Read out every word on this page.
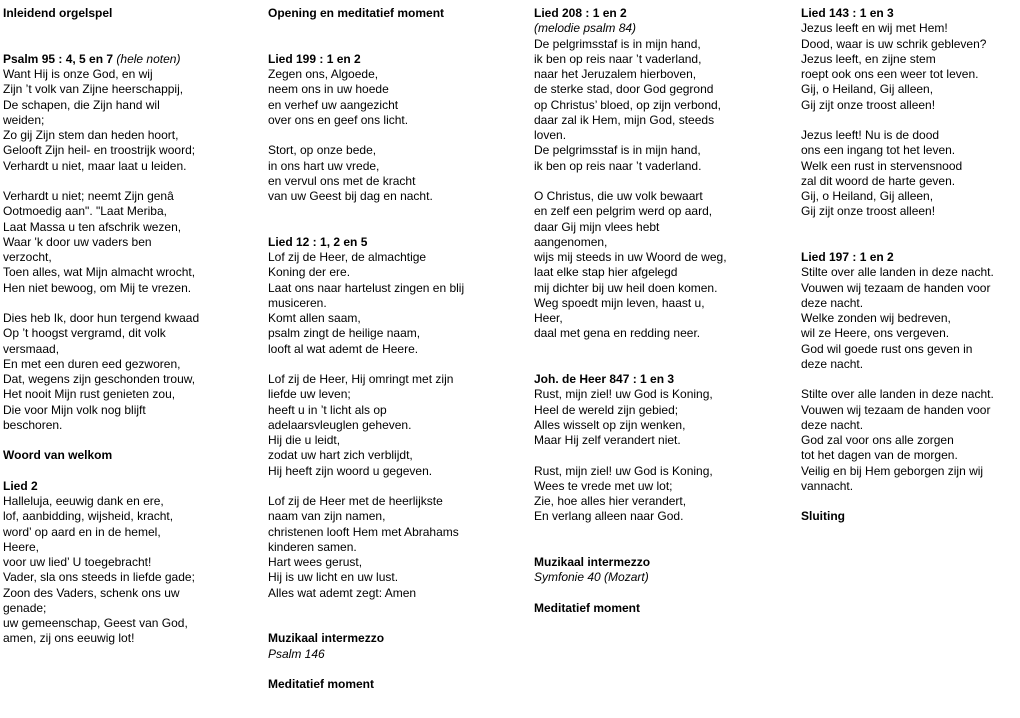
Inleidend orgelspel
Psalm 95 : 4, 5 en 7 (hele noten)
Want Hij is onze God, en wij
Zijn ’t volk van Zijne heerschappij,
De schapen, die Zijn hand wil
weiden;
Zo gij Zijn stem dan heden hoort,
Gelooft Zijn heil- en troostrijk woord;
Verhardt u niet, maar laat u leiden.
Verhardt u niet; neemt Zijn genâ
Ootmoedig aan". "Laat Meriba,
Laat Massa u ten afschrik wezen,
Waar 'k door uw vaders ben
verzocht,
Toen alles, wat Mijn almacht wrocht,
Hen niet bewoog, om Mij te vrezen.
Dies heb Ik, door hun tergend kwaad
Op ’t hoogst vergramd, dit volk
versmaad,
En met een duren eed gezworen,
Dat, wegens zijn geschonden trouw,
Het nooit Mijn rust genieten zou,
Die voor Mijn volk nog blijft
beschoren.
Woord van welkom
Lied 2
Halleluja, eeuwig dank en ere,
lof, aanbidding, wijsheid, kracht,
word’ op aard en in de hemel,
Heere,
voor uw lied’ U toegebracht!
Vader, sla ons steeds in liefde gade;
Zoon des Vaders, schenk ons uw
genade;
uw gemeenschap, Geest van God,
amen, zij ons eeuwig lot!
Opening en meditatief moment
Lied 199 : 1 en 2
Zegen ons, Algoede,
neem ons in uw hoede
en verhef uw aangezicht
over ons en geef ons licht.
Stort, op onze bede,
in ons hart uw vrede,
en vervul ons met de kracht
van uw Geest bij dag en nacht.
Lied 12 : 1, 2 en 5
Lof zij de Heer, de almachtige
Koning der ere.
Laat ons naar hartelust zingen en blij
musiceren.
Komt allen saam,
psalm zingt de heilige naam,
looft al wat ademt de Heere.
Lof zij de Heer, Hij omringt met zijn
liefde uw leven;
heeft u in ’t licht als op
adelaarsvleuglen geheven.
Hij die u leidt,
zodat uw hart zich verblijdt,
Hij heeft zijn woord u gegeven.
Lof zij de Heer met de heerlijkste
naam van zijn namen,
christenen looft Hem met Abrahams
kinderen samen.
Hart wees gerust,
Hij is uw licht en uw lust.
Alles wat ademt zegt: Amen
Muzikaal intermezzo
Psalm 146
Meditatief moment
Lied 208 : 1 en 2
(melodie psalm 84)
De pelgrimsstaf is in mijn hand,
ik ben op reis naar ’t vaderland,
naar het Jeruzalem hierboven,
de sterke stad, door God gegrond
op Christus’ bloed, op zijn verbond,
daar zal ik Hem, mijn God, steeds
loven.
De pelgrimsstaf is in mijn hand,
ik ben op reis naar ’t vaderland.
O Christus, die uw volk bewaart
en zelf een pelgrim werd op aard,
daar Gij mijn vlees hebt
aangenomen,
wijs mij steeds in uw Woord de weg,
laat elke stap hier afgelegd
mij dichter bij uw heil doen komen.
Weg spoedt mijn leven, haast u,
Heer,
daal met gena en redding neer.
Joh. de Heer 847 : 1 en 3
Rust, mijn ziel! uw God is Koning,
Heel de wereld zijn gebied;
Alles wisselt op zijn wenken,
Maar Hij zelf verandert niet.
Rust, mijn ziel! uw God is Koning,
Wees te vrede met uw lot;
Zie, hoe alles hier verandert,
En verlang alleen naar God.
Muzikaal intermezzo
Symfonie 40 (Mozart)
Meditatief moment
Lied 143 : 1 en 3
Jezus leeft en wij met Hem!
Dood, waar is uw schrik gebleven?
Jezus leeft, en zijne stem
roept ook ons een weer tot leven.
Gij, o Heiland, Gij alleen,
Gij zijt onze troost alleen!
Jezus leeft! Nu is de dood
ons een ingang tot het leven.
Welk een rust in stervensnood
zal dit woord de harte geven.
Gij, o Heiland, Gij alleen,
Gij zijt onze troost alleen!
Lied 197 : 1 en 2
Stilte over alle landen in deze nacht.
Vouwen wij tezaam de handen voor
deze nacht.
Welke zonden wij bedreven,
wil ze Heere, ons vergeven.
God wil goede rust ons geven in
deze nacht.
Stilte over alle landen in deze nacht.
Vouwen wij tezaam de handen voor
deze nacht.
God zal voor ons alle zorgen
tot het dagen van de morgen.
Veilig en bij Hem geborgen zijn wij
vannacht.
Sluiting
